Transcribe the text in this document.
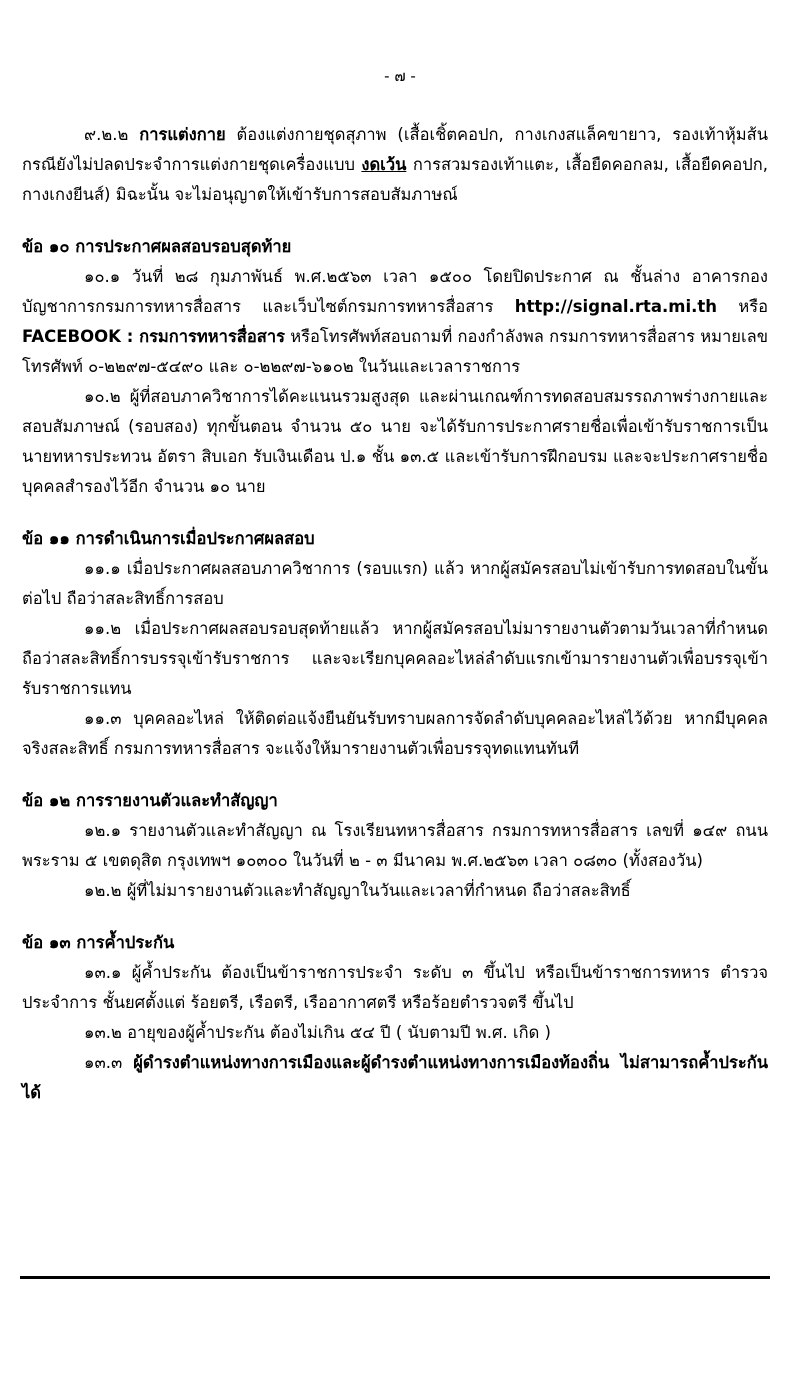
- ๗ -

๙.๒.๒ การแต่งกาย ต้องแต่งกายชุดสุภาพ (เสื้อเชิ้ตคอปก, กางเกงสแล็คขายาว, รองเท้าหุ้มส้น กรณียังไม่ปลดประจำการแต่งกายชุดเครื่องแบบ งดเว้น การสวมรองเท้าแตะ, เสื้อยืดคอกลม, เสื้อยืดคอปก, กางเกงยีนส์) มิฉะนั้น จะไม่อนุญาตให้เข้ารับการสอบสัมภาษณ์

ข้อ ๑๐ การประกาศผลสอบรอบสุดท้าย

๑๐.๑ วันที่ ๒๘ กุมภาพันธ์ พ.ศ.๒๕๖๓ เวลา ๑๕๐๐ โดยปิดประกาศ ณ ชั้นล่าง อาคารกองบัญชาการกรมการทหารสื่อสาร และเว็บไซต์กรมการทหารสื่อสาร http://signal.rta.mi.th หรือ FACEBOOK : กรมการทหารสื่อสาร หรือโทรศัพท์สอบถามที่ กองกำลังพล กรมการทหารสื่อสาร หมายเลขโทรศัพท์ ๐-๒๒๙๗-๕๔๙๐ และ ๐-๒๒๙๗-๖๑๐๒ ในวันและเวลาราชการ

๑๐.๒ ผู้ที่สอบภาควิชาการได้คะแนนรวมสูงสุด และผ่านเกณฑ์การทดสอบสมรรถภาพร่างกายและสอบสัมภาษณ์ (รอบสอง) ทุกขั้นตอน จำนวน ๕๐ นาย จะได้รับการประกาศรายชื่อเพื่อเข้ารับราชการเป็นนายทหารประทวน อัตรา สิบเอก รับเงินเดือน ป.๑ ชั้น ๑๓.๕ และเข้ารับการฝึกอบรม และจะประกาศรายชื่อบุคคลสำรองไว้อีก จำนวน ๑๐ นาย

ข้อ ๑๑ การดำเนินการเมื่อประกาศผลสอบ

๑๑.๑ เมื่อประกาศผลสอบภาควิชาการ (รอบแรก) แล้ว หากผู้สมัครสอบไม่เข้ารับการทดสอบในขั้นต่อไป ถือว่าสละสิทธิ์การสอบ

๑๑.๒ เมื่อประกาศผลสอบรอบสุดท้ายแล้ว หากผู้สมัครสอบไม่มารายงานตัวตามวันเวลาที่กำหนด ถือว่าสละสิทธิ์การบรรจุเข้ารับราชการ และจะเรียกบุคคลอะไหล่ลำดับแรกเข้ามารายงานตัวเพื่อบรรจุเข้ารับราชการแทน

๑๑.๓ บุคคลอะไหล่ ให้ติดต่อแจ้งยืนยันรับทราบผลการจัดลำดับบุคคลอะไหล่ไว้ด้วย หากมีบุคคลจริงสละสิทธิ์ กรมการทหารสื่อสาร จะแจ้งให้มารายงานตัวเพื่อบรรจุทดแทนทันที

ข้อ ๑๒ การรายงานตัวและทำสัญญา

๑๒.๑ รายงานตัวและทำสัญญา ณ โรงเรียนทหารสื่อสาร กรมการทหารสื่อสาร เลขที่ ๑๔๙ ถนนพระราม ๕ เขตดุสิต กรุงเทพฯ ๑๐๓๐๐ ในวันที่ ๒ - ๓ มีนาคม พ.ศ.๒๕๖๓ เวลา ๐๘๓๐ (ทั้งสองวัน)

๑๒.๒ ผู้ที่ไม่มารายงานตัวและทำสัญญาในวันและเวลาที่กำหนด ถือว่าสละสิทธิ์

ข้อ ๑๓ การค้ำประกัน

๑๓.๑ ผู้ค้ำประกัน ต้องเป็นข้าราชการประจำ ระดับ ๓ ขึ้นไป หรือเป็นข้าราชการทหาร ตำรวจประจำการ ชั้นยศตั้งแต่ ร้อยตรี, เรือตรี, เรืออากาศตรี หรือร้อยตำรวจตรี ขึ้นไป

๑๓.๒ อายุของผู้ค้ำประกัน ต้องไม่เกิน ๕๔ ปี ( นับตามปี พ.ศ. เกิด )

๑๓.๓ ผู้ดำรงตำแหน่งทางการเมืองและผู้ดำรงตำแหน่งทางการเมืองท้องถิ่น ไม่สามารถค้ำประกันได้
